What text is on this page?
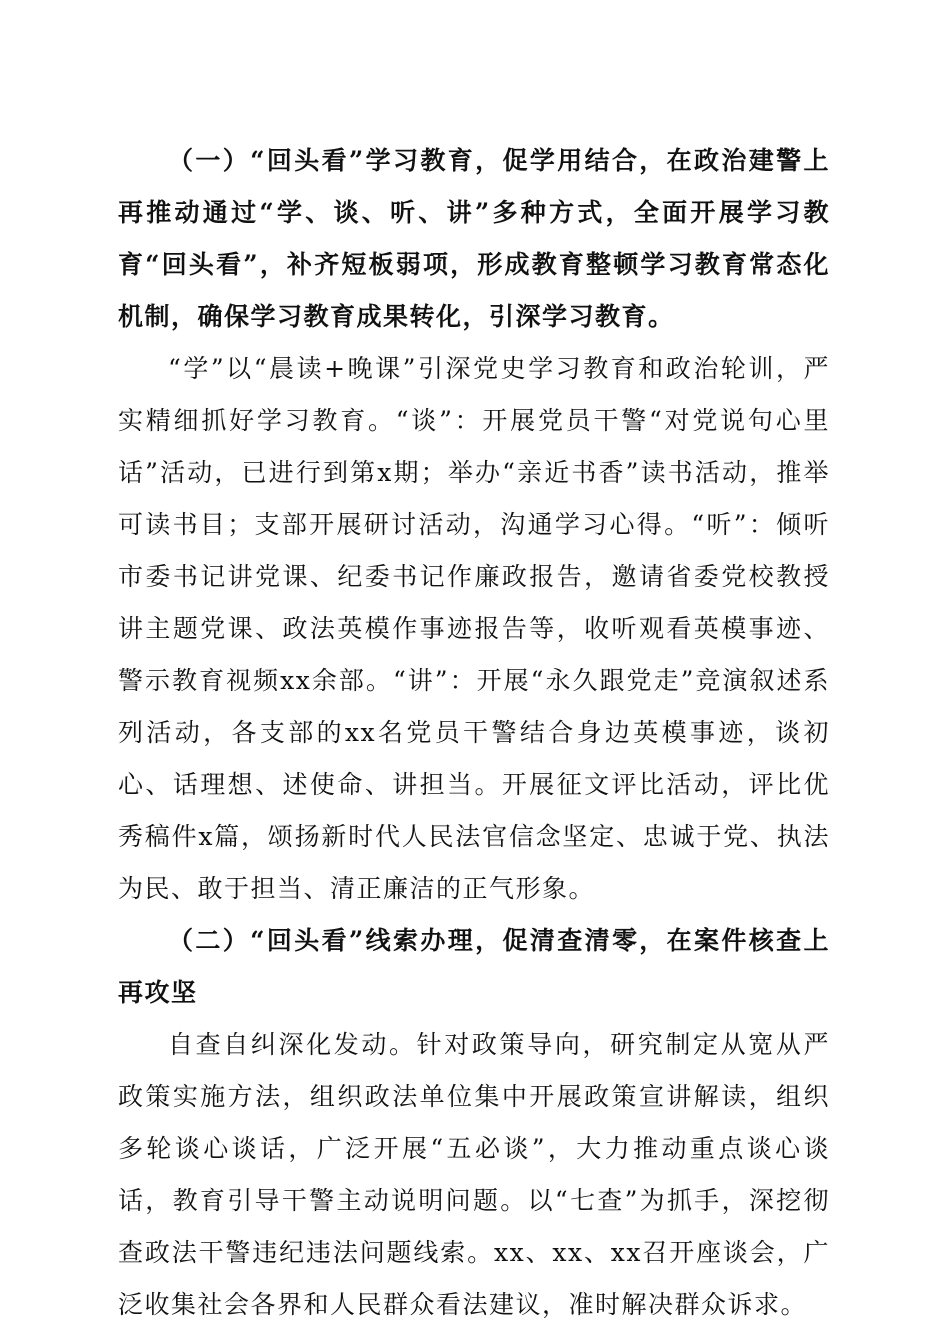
（一）“回头看”学习教育，促学用结合，在政治建警上再推动通过“学、谈、听、讲”多种方式，全面开展学习教育“回头看”，补齐短板弱项，形成教育整顿学习教育常态化机制，确保学习教育成果转化，引深学习教育。

“学”以“晨读+晚课”引深党史学习教育和政治轮训，严实精细抓好学习教育。“谈”：开展党员干警“对党说句心里话”活动，已进行到第x期；举办“亲近书香”读书活动，推举可读书目；支部开展研讨活动，沟通学习心得。“听”：倾听市委书记讲党课、纪委书记作廉政报告，邀请省委党校教授讲主题党课、政法英模作事迹报告等，收听观看英模事迹、警示教育视频xx余部。“讲”：开展“永久跟党走”竞演叙述系列活动，各支部的xx名党员干警结合身边英模事迹，谈初心、话理想、述使命、讲担当。开展征文评比活动，评比优秀稿件x篇，颂扬新时代人民法官信念坚定、忠诚于党、执法为民、敢于担当、清正廉洁的正气形象。

（二）“回头看”线索办理，促清查清零，在案件核查上再攻坚

自查自纠深化发动。针对政策导向，研究制定从宽从严政策实施方法，组织政法单位集中开展政策宣讲解读，组织多轮谈心谈话，广泛开展“五必谈”，大力推动重点谈心谈话，教育引导干警主动说明问题。以“七查”为抓手，深挖彻查政法干警违纪违法问题线索。xx、xx、xx召开座谈会，广泛收集社会各界和人民群众看法建议，准时解决群众诉求。
